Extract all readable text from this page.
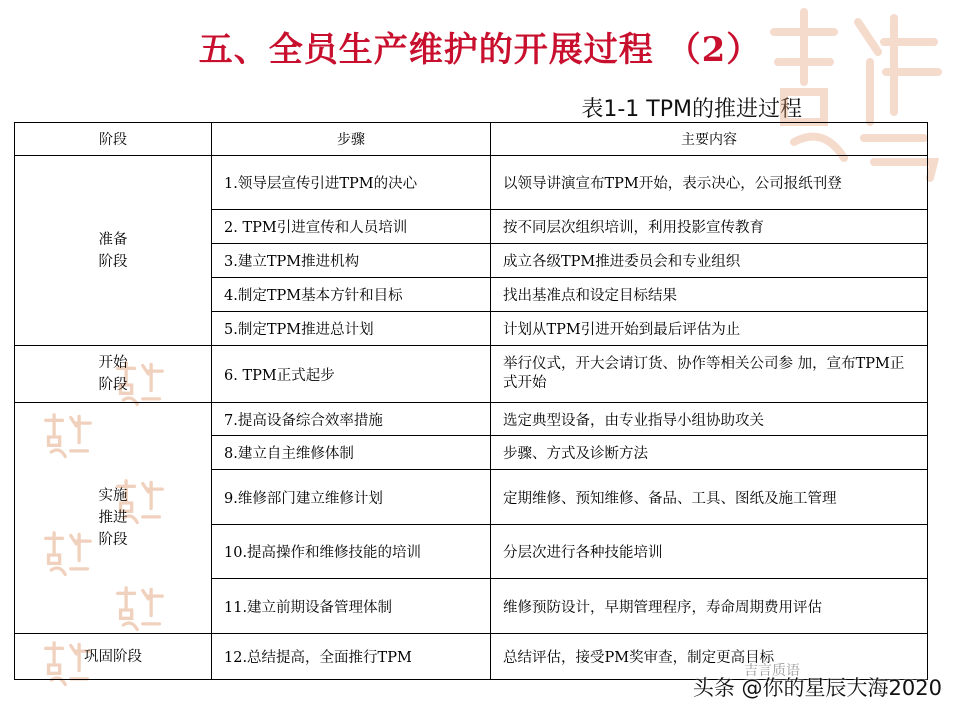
五、全员生产维护的开展过程 （2）
表1-1 TPM的推进过程
阶段	步骤	主要内容
准备
阶段	1.领导层宣传引进TPM的决心	以领导讲演宣布TPM开始，表示决心，公司报纸刊登
	2. TPM引进宣传和人员培训	按不同层次组织培训，利用投影宣传教育
	3.建立TPM推进机构	成立各级TPM推进委员会和专业组织
	4.制定TPM基本方针和目标	找出基准点和设定目标结果
	5.制定TPM推进总计划	计划从TPM引进开始到最后评估为止
开始
阶段	6. TPM正式起步	举行仪式，开大会请订货、协作等相关公司参 加，宣布TPM正式开始
实施
推进
阶段	7.提高设备综合效率措施	选定典型设备，由专业指导小组协助攻关
	8.建立自主维修体制	步骤、方式及诊断方法
	9.维修部门建立维修计划	定期维修、预知维修、备品、工具、图纸及施工管理
	10.提高操作和维修技能的培训	分层次进行各种技能培训
	11.建立前期设备管理体制	维修预防设计，早期管理程序，寿命周期费用评估
巩固阶段	12.总结提高，全面推行TPM	总结评估，接受PM奖审查，制定更高目标
吉言质语
头条 @你的星辰大海2020
